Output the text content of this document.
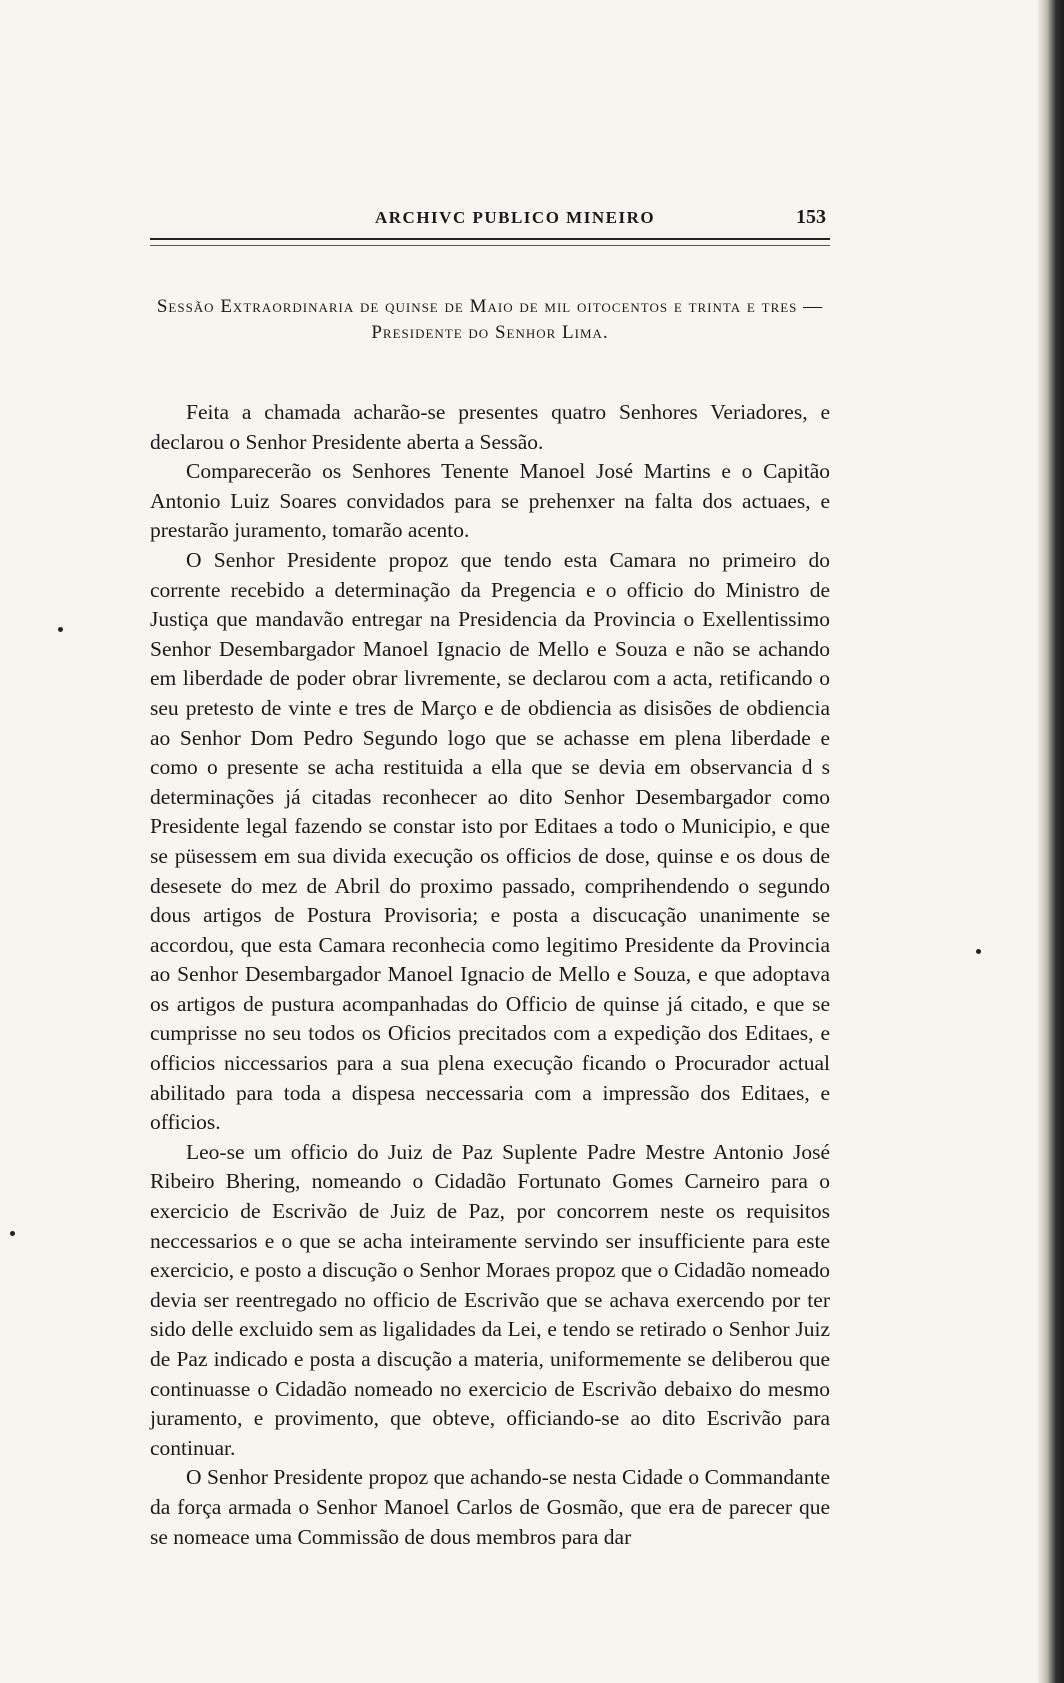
ARCHIVC PUBLICO MINEIRO	153
Sessão Extraordinaria de quinse de Maio de mil oitocentos e trinta e tres — Presidente do Senhor Lima.

Feita a chamada acharão-se presentes quatro Senhores Veriadores, e declarou o Senhor Presidente aberta a Sessão.

Comparecerão os Senhores Tenente Manoel José Martins e o Capitão Antonio Luiz Soares convidados para se prehenxer na falta dos actuaes, e prestarão juramento, tomarão acento.

O Senhor Presidente propoz que tendo esta Camara no primeiro do corrente recebido a determinação da Pregencia e o officio do Ministro de Justiça que mandavão entregar na Presidencia da Provincia o Exellentissimo Senhor Desembargador Manoel Ignacio de Mello e Souza e não se achando em liberdade de poder obrar livremente, se declarou com a acta, retificando o seu pretesto de vinte e tres de Março e de obdiencia as disisões de obdiencia ao Senhor Dom Pedro Segundo logo que se achasse em plena liberdade e como o presente se acha restituida a ella que se devia em observancia d s determinações já citadas reconhecer ao dito Senhor Desembargador como Presidente legal fazendo se constar isto por Editaes a todo o Municipio, e que se püsessem em sua divida execução os officios de dose, quinse e os dous de desesete do mez de Abril do proximo passado, comprihendendo o segundo dous artigos de Postura Provisoria; e posta a discucação unanimente se accordou, que esta Camara reconhecia como legitimo Presidente da Provincia ao Senhor Desembargador Manoel Ignacio de Mello e Souza, e que adoptava os artigos de pustura acompanhadas do Officio de quinse já citado, e que se cumprisse no seu todos os Oficios precitados com a expedição dos Editaes, e officios niccessarios para a sua plena execução ficando o Procurador actual abilitado para toda a dispesa neccessaria com a impressão dos Editaes, e officios.

Leo-se um officio do Juiz de Paz Suplente Padre Mestre Antonio José Ribeiro Bhering, nomeando o Cidadão Fortunato Gomes Carneiro para o exercicio de Escrivão de Juiz de Paz, por concorrem neste os requisitos neccessarios e o que se acha inteiramente servindo ser insufficiente para este exercicio, e posto a discução o Senhor Moraes propoz que o Cidadão nomeado devia ser reentregado no officio de Escrivão que se achava exercendo por ter sido delle excluido sem as ligalidades da Lei, e tendo se retirado o Senhor Juiz de Paz indicado e posta a discução a materia, uniformemente se deliberou que continuasse o Cidadão nomeado no exercicio de Escrivão debaixo do mesmo juramento, e provimento, que obteve, officiando-se ao dito Escrivão para continuar.

O Senhor Presidente propoz que achando-se nesta Cidade o Commandante da força armada o Senhor Manoel Carlos de Gosmão, que era de parecer que se nomeace uma Commissão de dous membros para dar
